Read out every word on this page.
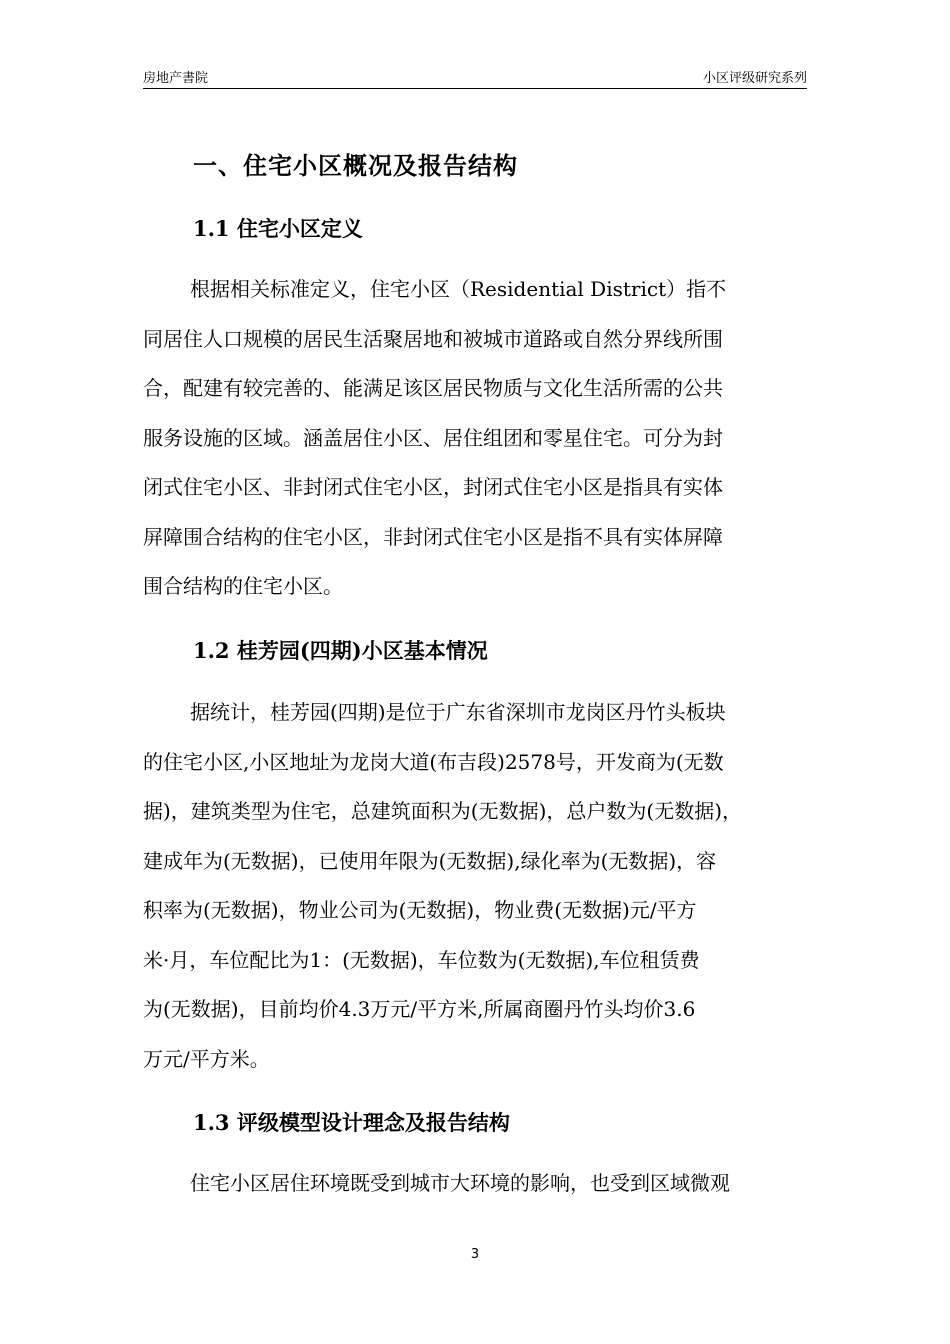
房地产書院	小区评级研究系列
一、住宅小区概况及报告结构
1.1 住宅小区定义
根据相关标准定义，住宅小区（Residential District）指不
同居住人口规模的居民生活聚居地和被城市道路或自然分界线所围
合，配建有较完善的、能满足该区居民物质与文化生活所需的公共
服务设施的区域。涵盖居住小区、居住组团和零星住宅。可分为封
闭式住宅小区、非封闭式住宅小区，封闭式住宅小区是指具有实体
屏障围合结构的住宅小区，非封闭式住宅小区是指不具有实体屏障
围合结构的住宅小区。
1.2 桂芳园(四期)小区基本情况
据统计，桂芳园(四期)是位于广东省深圳市龙岗区丹竹头板块
的住宅小区,小区地址为龙岗大道(布吉段)2578号，开发商为(无数
据)，建筑类型为住宅，总建筑面积为(无数据)，总户数为(无数据)，
建成年为(无数据)，已使用年限为(无数据),绿化率为(无数据)，容
积率为(无数据)，物业公司为(无数据)，物业费(无数据)元/平方
米·月，车位配比为1：(无数据)，车位数为(无数据),车位租赁费
为(无数据)，目前均价4.3万元/平方米,所属商圈丹竹头均价3.6
万元/平方米。
1.3 评级模型设计理念及报告结构
住宅小区居住环境既受到城市大环境的影响，也受到区域微观
3
